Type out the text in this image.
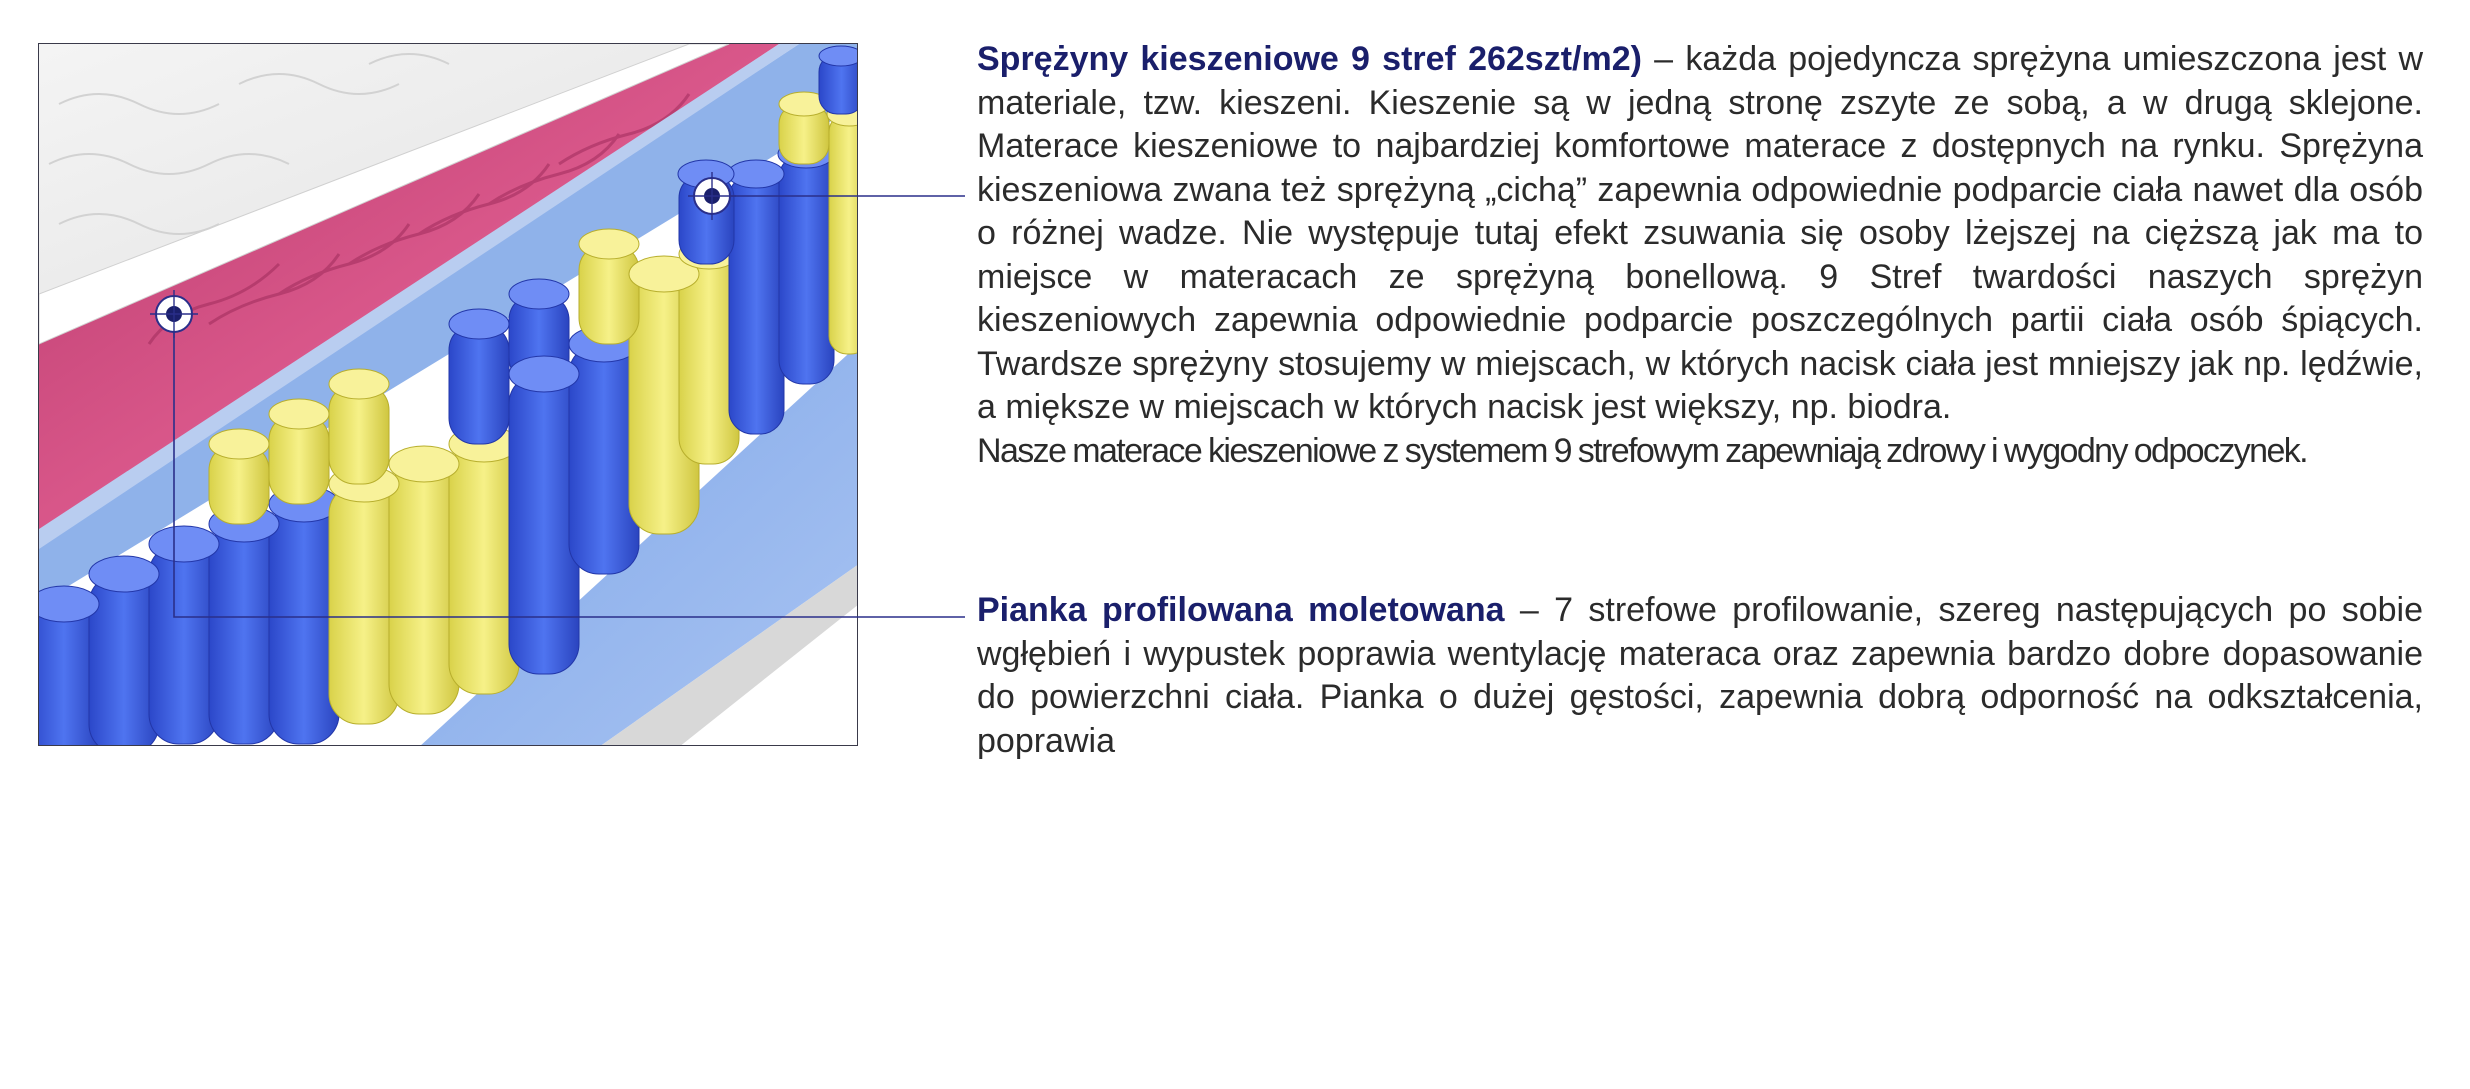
Sprężyny kieszeniowe 9 stref 262szt/m2) – każda pojedyncza sprężyna umieszczona jest w materiale, tzw. kieszeni. Kieszenie są w jedną stronę zszyte ze sobą, a w drugą sklejone. Materace kieszeniowe to najbardziej komfortowe materace z dostępnych na rynku. Sprężyna kieszeniowa zwana też sprężyną „cichą” zapewnia odpowiednie podparcie ciała nawet dla osób o różnej wadze. Nie występuje tutaj efekt zsuwania się osoby lżejszej na cięższą jak ma to miejsce w materacach ze sprężyną bonellową. 9 Stref twardości naszych sprężyn kieszeniowych zapewnia odpowiednie podparcie poszczególnych partii ciała osób śpiących. Twardsze sprężyny stosujemy w miejscach, w których nacisk ciała jest mniejszy jak np. lędźwie, a miększe w miejscach w których nacisk jest większy, np. biodra.

Nasze materace kieszeniowe z systemem 9 strefowym zapewniają zdrowy i wygodny odpoczynek.

Pianka profilowana moletowana – 7 strefowe profilowanie, szereg następujących po sobie wgłębień i wypustek poprawia wentylację materaca oraz zapewnia bardzo dobre dopasowanie do powierzchni ciała. Pianka o dużej gęstości, zapewnia dobrą odporność na odkształcenia, poprawia
